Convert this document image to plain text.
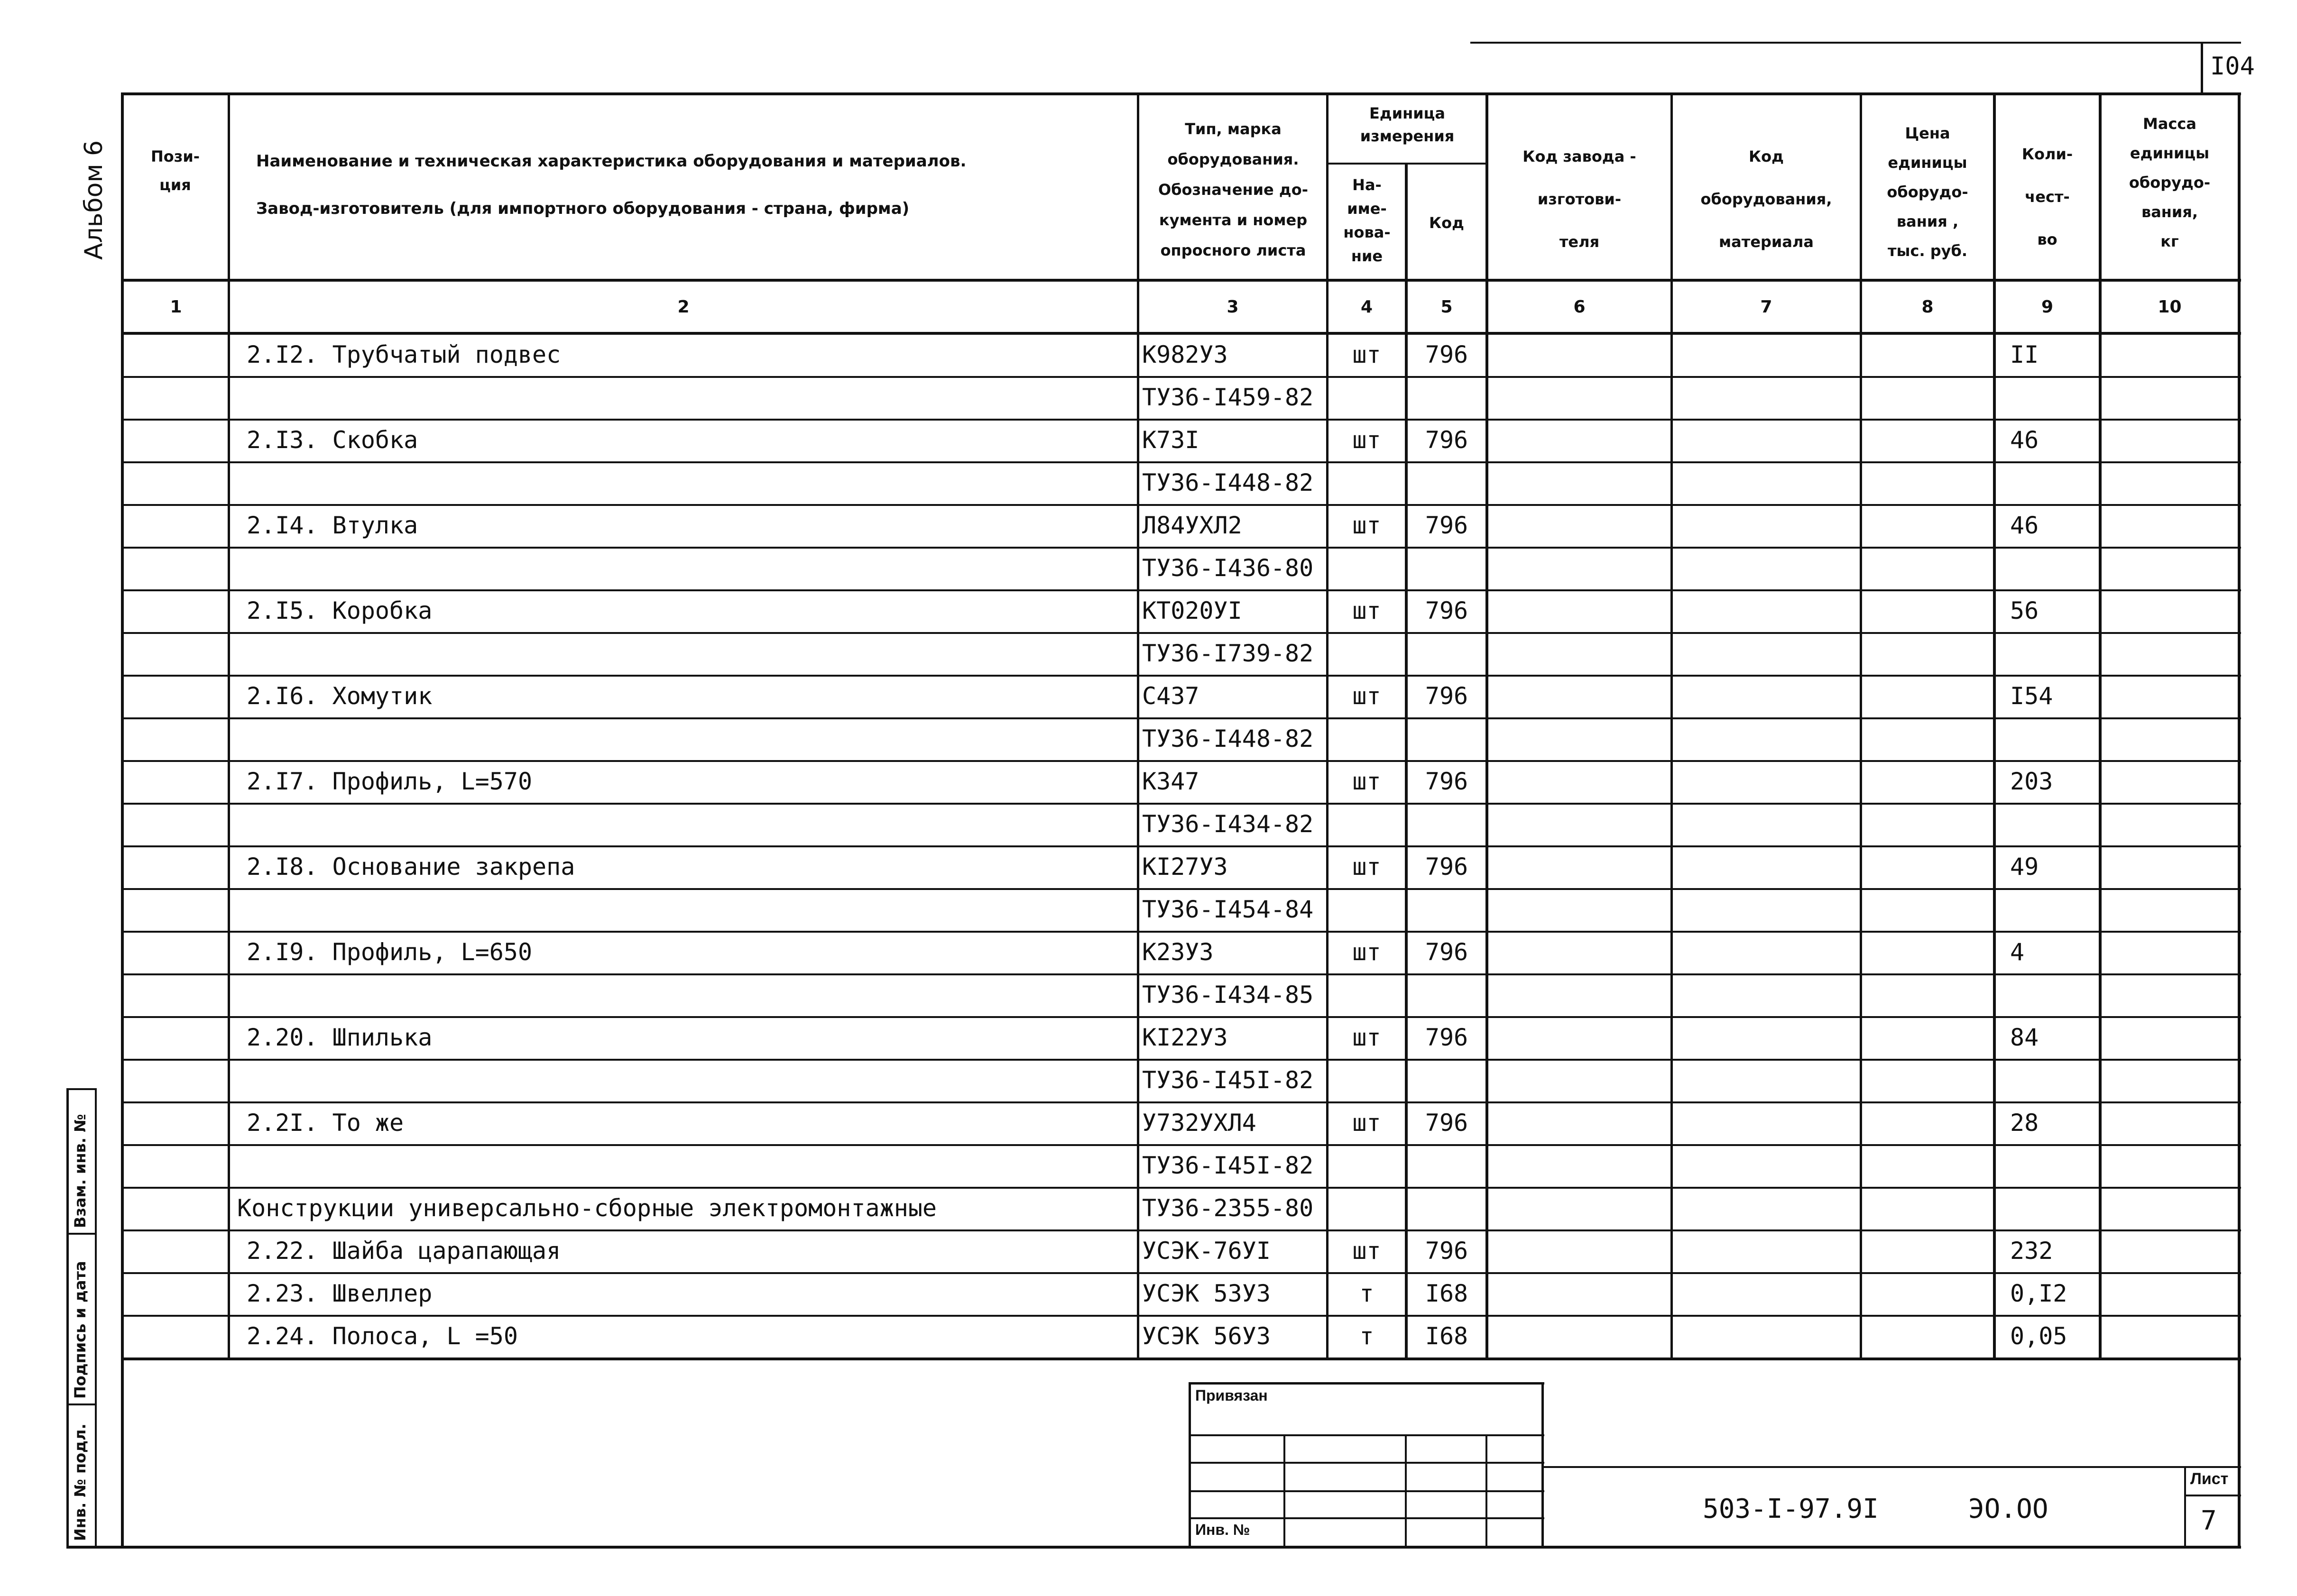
I04
Альбом 6
Инв. № подл.
Подпись и дата
Взам. инв. №
Пози-
ция
Наименование и техническая характеристика оборудования и материалов.
Завод-изготовитель (для импортного оборудования - страна, фирма)
Тип, марка
оборудования.
Обозначение до-
кумента и номер
опросного листа
Единица
измерения
На-
име-
нова-
ние
Код
Код завода -
изготови-
теля
Код
оборудования,
материала
Цена
единицы
оборудо-
вания ,
тыс. руб.
Коли-
чест-
во
Масса
единицы
оборудо-
вания,
кг
1	2	3	4	5	6	7	8	9	10
2.I2. Трубчатый подвес	К982У3	шт	796	II
ТУ36-I459-82
2.I3. Скобка	К73I	шт	796	46
ТУ36-I448-82
2.I4. Втулка	Л84УХЛ2	шт	796	46
ТУ36-I436-80
2.I5. Коробка	КТ020УI	шт	796	56
ТУ36-I739-82
2.I6. Хомутик	С437	шт	796	I54
ТУ36-I448-82
2.I7. Профиль, L=570	К347	шт	796	203
ТУ36-I434-82
2.I8. Основание закрепа	КI27У3	шт	796	49
ТУ36-I454-84
2.I9. Профиль, L=650	К23У3	шт	796	4
ТУ36-I434-85
2.20. Шпилька	КI22У3	шт	796	84
ТУ36-I45I-82
2.2I. То же	У732УХЛ4	шт	796	28
ТУ36-I45I-82
Конструкции универсально-сборные электромонтажные	ТУ36-2355-80
2.22. Шайба царапающая	УСЭК-76УI	шт	796	232
2.23. Швеллер	УСЭК 53У3	т	I68	0,I2
2.24. Полоса, L =50	УСЭК 56У3	т	I68	0,05
Привязан
Инв. №
503-I-97.9I	ЭО.ОО
Лист
7
